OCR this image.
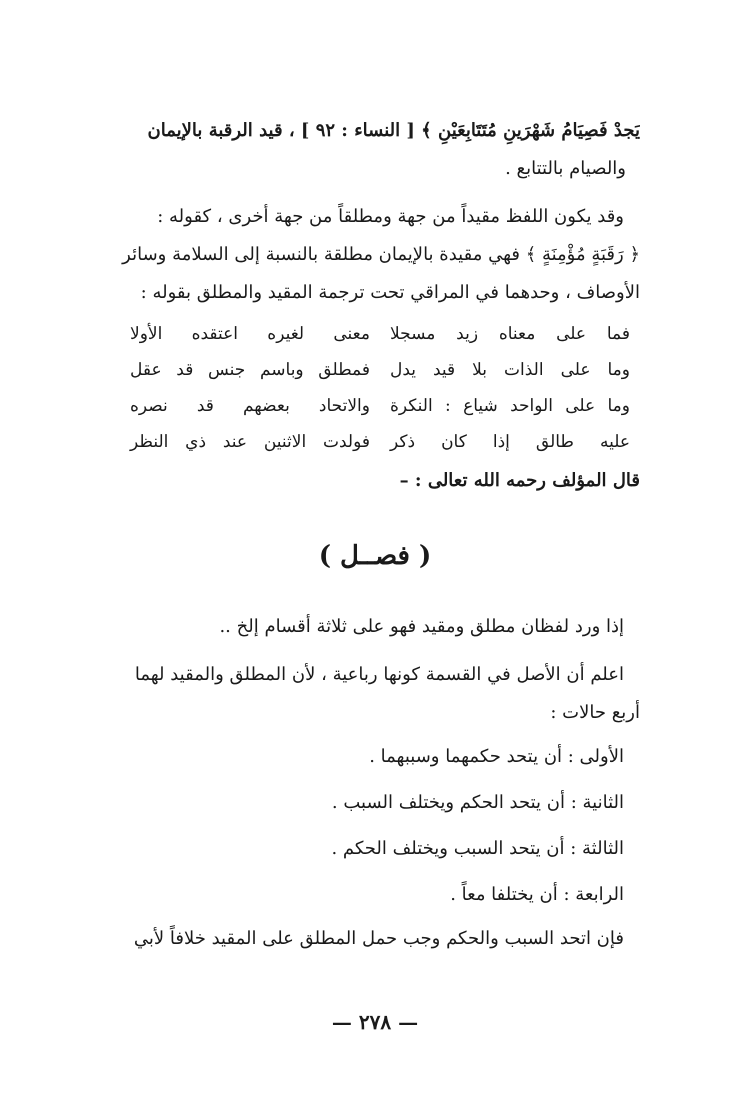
يَجدْ فَصِيَامُ شَهْرَينِ مُتَتَابِعَيْنِ ﴾ [ النساء : ٩٢ ] ، قيد الرقبة بالإيمان
والصيام بالتتابع .
وقد يكون اللفظ مقيداً من جهة ومطلقاً من جهة أخرى ، كقوله :
﴿ رَقَبَةٍ مُؤْمِنَةٍ ﴾ فهي مقيدة بالإيمان مطلقة بالنسبة إلى السلامة وسائر
الأوصاف ، وحدهما في المراقي تحت ترجمة المقيد والمطلق بقوله :
فما على معناه زيد مسجلا
معنى لغيره اعتقده الأولا
وما على الذات بلا قيد يدل
فمطلق وباسم جنس قد عقل
وما على الواحد شياع : النكرة
والاتحاد بعضهم قد نصره
عليه طالق إذا كان ذكر
فولدت الاثنين عند ذي النظر
قال المؤلف رحمه الله تعالى : –
( فصــل )
إذا ورد لفظان مطلق ومقيد فهو على ثلاثة أقسام إلخ ..
اعلم أن الأصل في القسمة كونها رباعية ، لأن المطلق والمقيد لهما
أربع حالات :
الأولى : أن يتحد حكمهما وسببهما .
الثانية : أن يتحد الحكم ويختلف السبب .
الثالثة : أن يتحد السبب ويختلف الحكم .
الرابعة : أن يختلفا معاً .
فإن اتحد السبب والحكم وجب حمل المطلق على المقيد خلافاً لأبي
— ٢٧٨ —
